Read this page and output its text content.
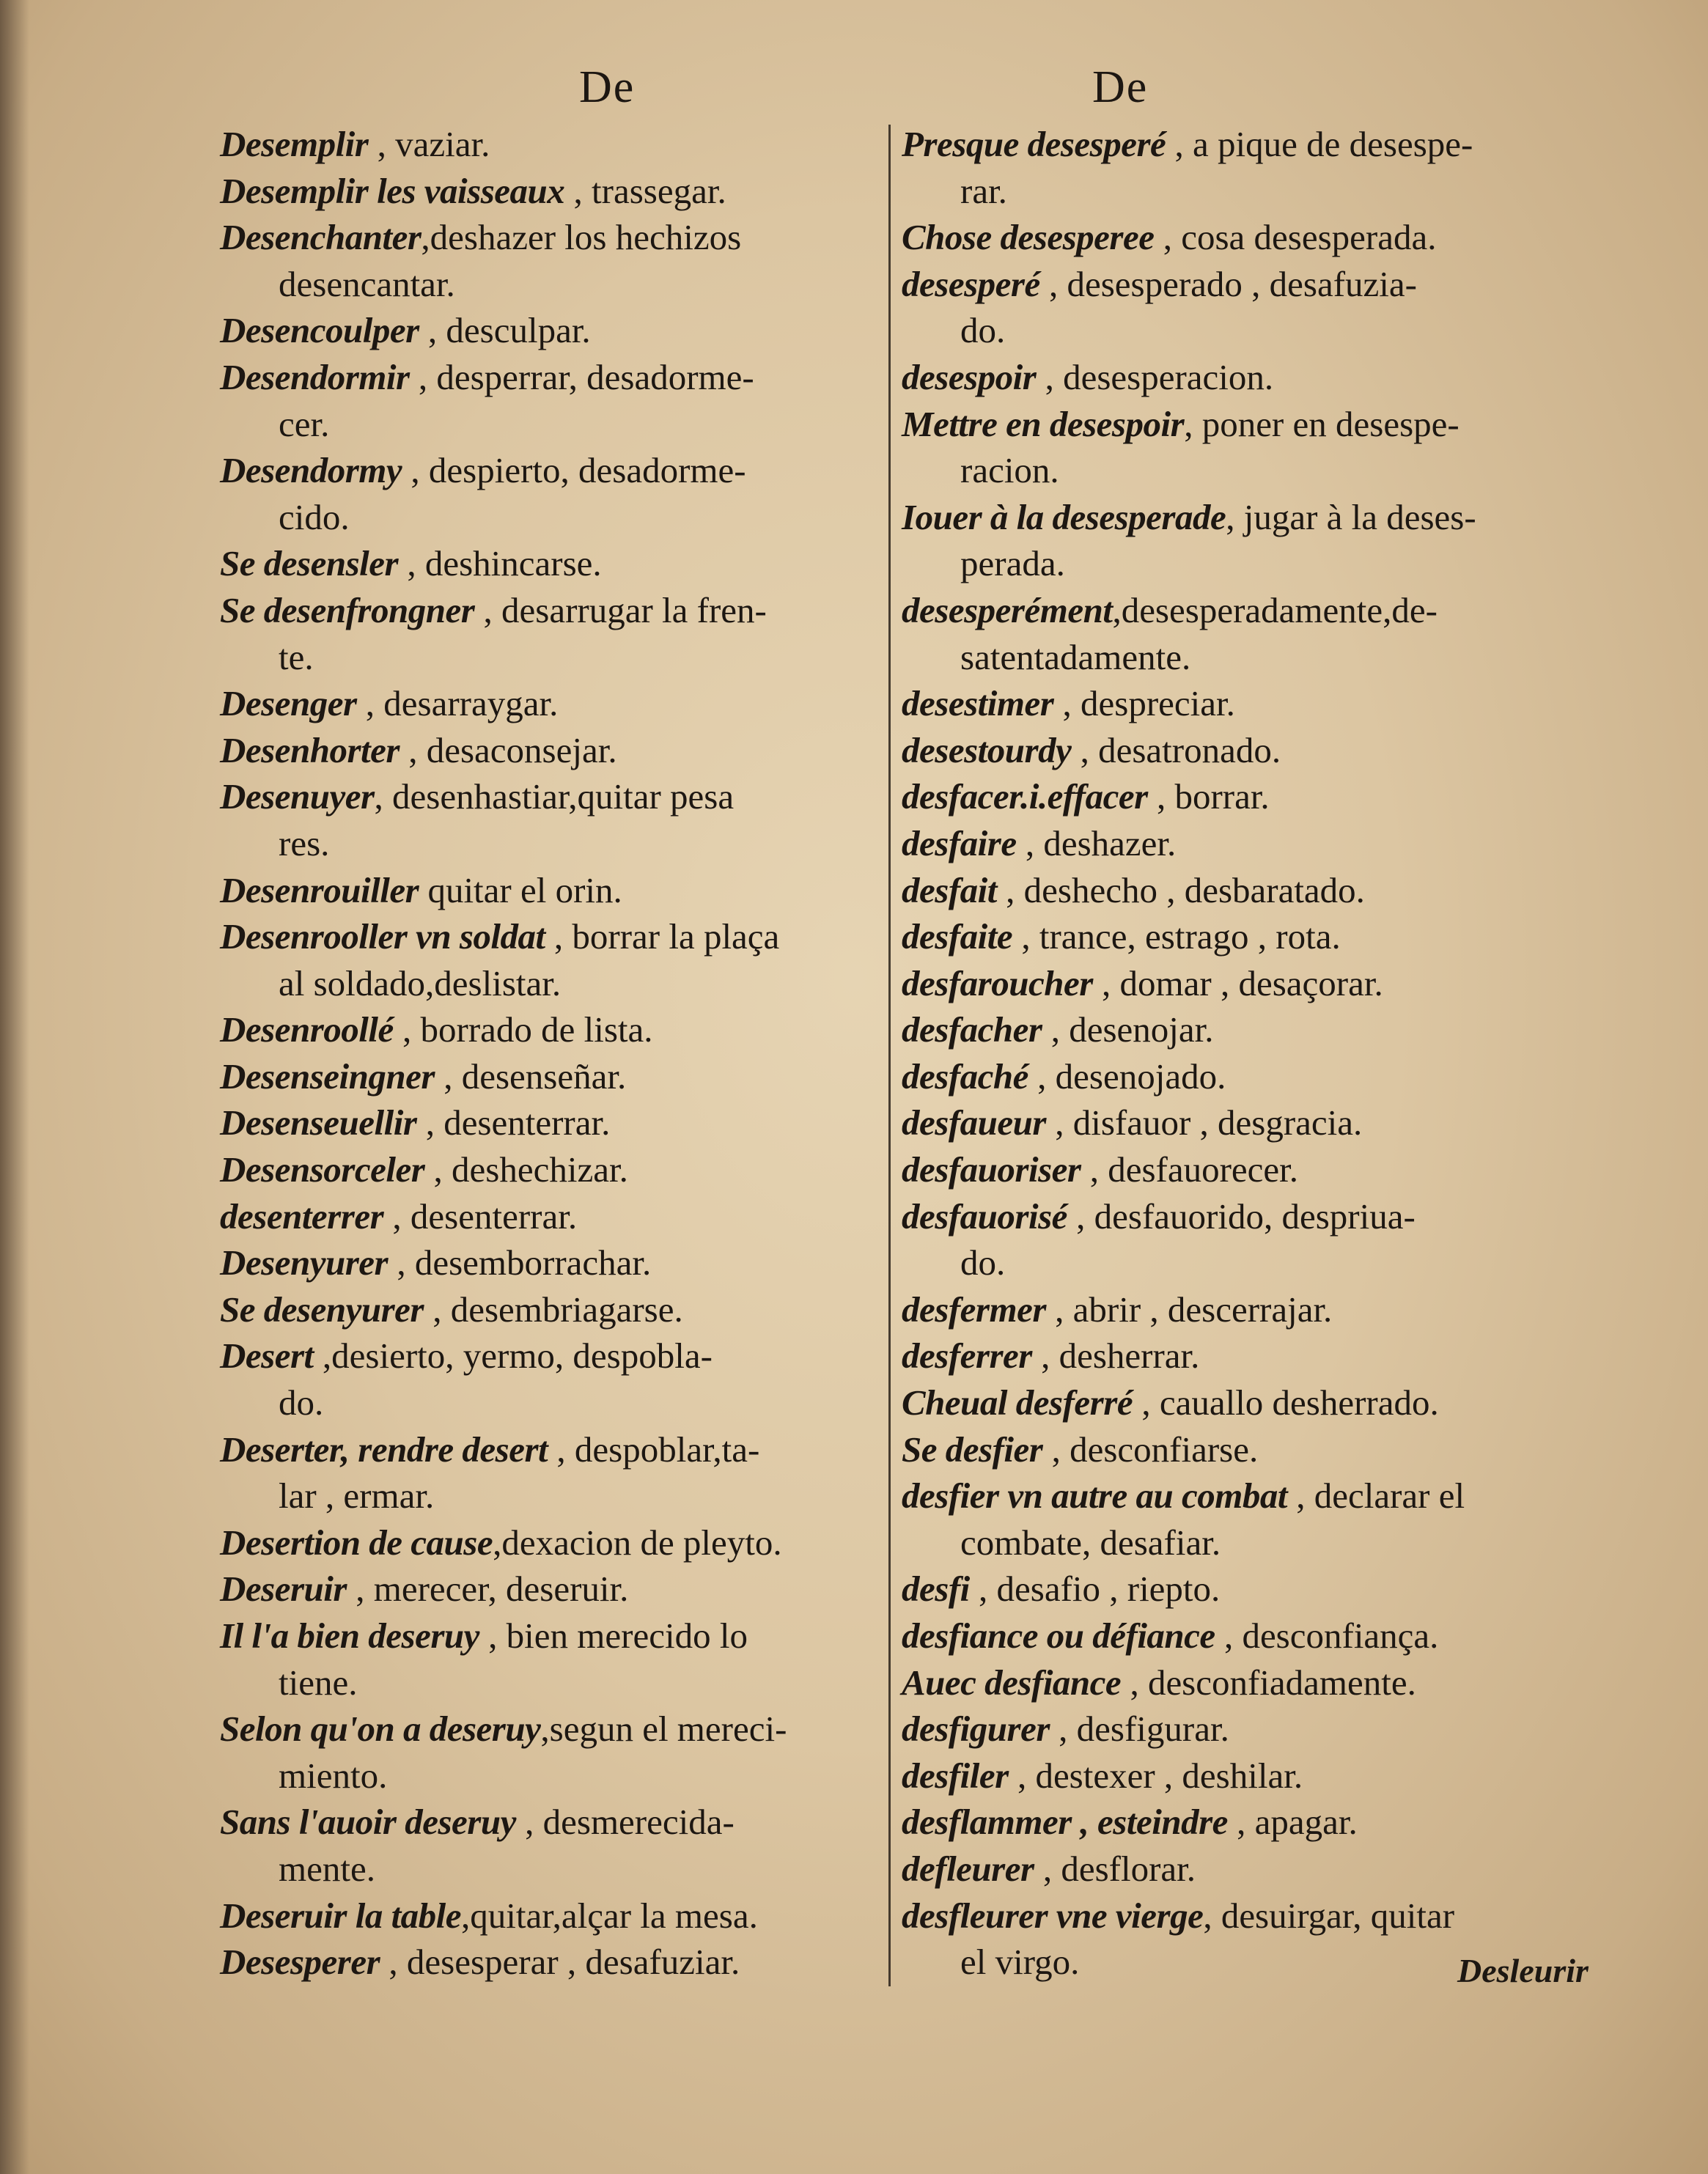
De	De
Desemplir , vaziar.
Desemplir les vaisseaux , trassegar.
Desenchanter,deshazer los hechizos
desencantar.
Desencoulper , desculpar.
Desendormir , desperrar, desadorme-
cer.
Desendormy , despierto, desadorme-
cido.
Se desensler , deshincarse.
Se desenfrongner , desarrugar la fren-
te.
Desenger , desarraygar.
Desenhorter , desaconsejar.
Desenuyer, desenhastiar,quitar pesa
res.
Desenrouiller quitar el orin.
Desenrooller vn soldat , borrar la plaça
al soldado,deslistar.
Desenroollé , borrado de lista.
Desenseingner , desenseñar.
Desenseuellir , desenterrar.
Desensorceler , deshechizar.
desenterrer , desenterrar.
Desenyurer , desemborrachar.
Se desenyurer , desembriagarse.
Desert ,desierto, yermo, despobla-
do.
Deserter, rendre desert , despoblar,ta-
lar , ermar.
Desertion de cause,dexacion de pleyto.
Deseruir , merecer, deseruir.
Il l'a bien deseruy , bien merecido lo
tiene.
Selon qu'on a deseruy,segun el mereci-
miento.
Sans l'auoir deseruy , desmerecida-
mente.
Deseruir la table,quitar,alçar la mesa.
Desesperer , desesperar , desafuziar.
Presque desesperé , a pique de desespe-
rar.
Chose desesperee , cosa desesperada.
desesperé , desesperado , desafuzia-
do.
desespoir , desesperacion.
Mettre en desespoir, poner en desespe-
racion.
Iouer à la desesperade, jugar à la deses-
perada.
desesperément,desesperadamente,de-
satentadamente.
desestimer , despreciar.
desestourdy , desatronado.
desfacer.i.effacer , borrar.
desfaire , deshazer.
desfait , deshecho , desbaratado.
desfaite , trance, estrago , rota.
desfaroucher , domar , desaçorar.
desfacher , desenojar.
desfaché , desenojado.
desfaueur , disfauor , desgracia.
desfauoriser , desfauorecer.
desfauorisé , desfauorido, despriua-
do.
desfermer , abrir , descerrajar.
desferrer , desherrar.
Cheual desferré , cauallo desherrado.
Se desfier , desconfiarse.
desfier vn autre au combat , declarar el
combate, desafiar.
desfi , desafio , riepto.
desfiance ou défiance , desconfiança.
Auec desfiance , desconfiadamente.
desfigurer , desfigurar.
desfiler , destexer , deshilar.
desflammer , esteindre , apagar.
defleurer , desflorar.
desfleurer vne vierge, desuirgar, quitar
el virgo.	Desleurir
